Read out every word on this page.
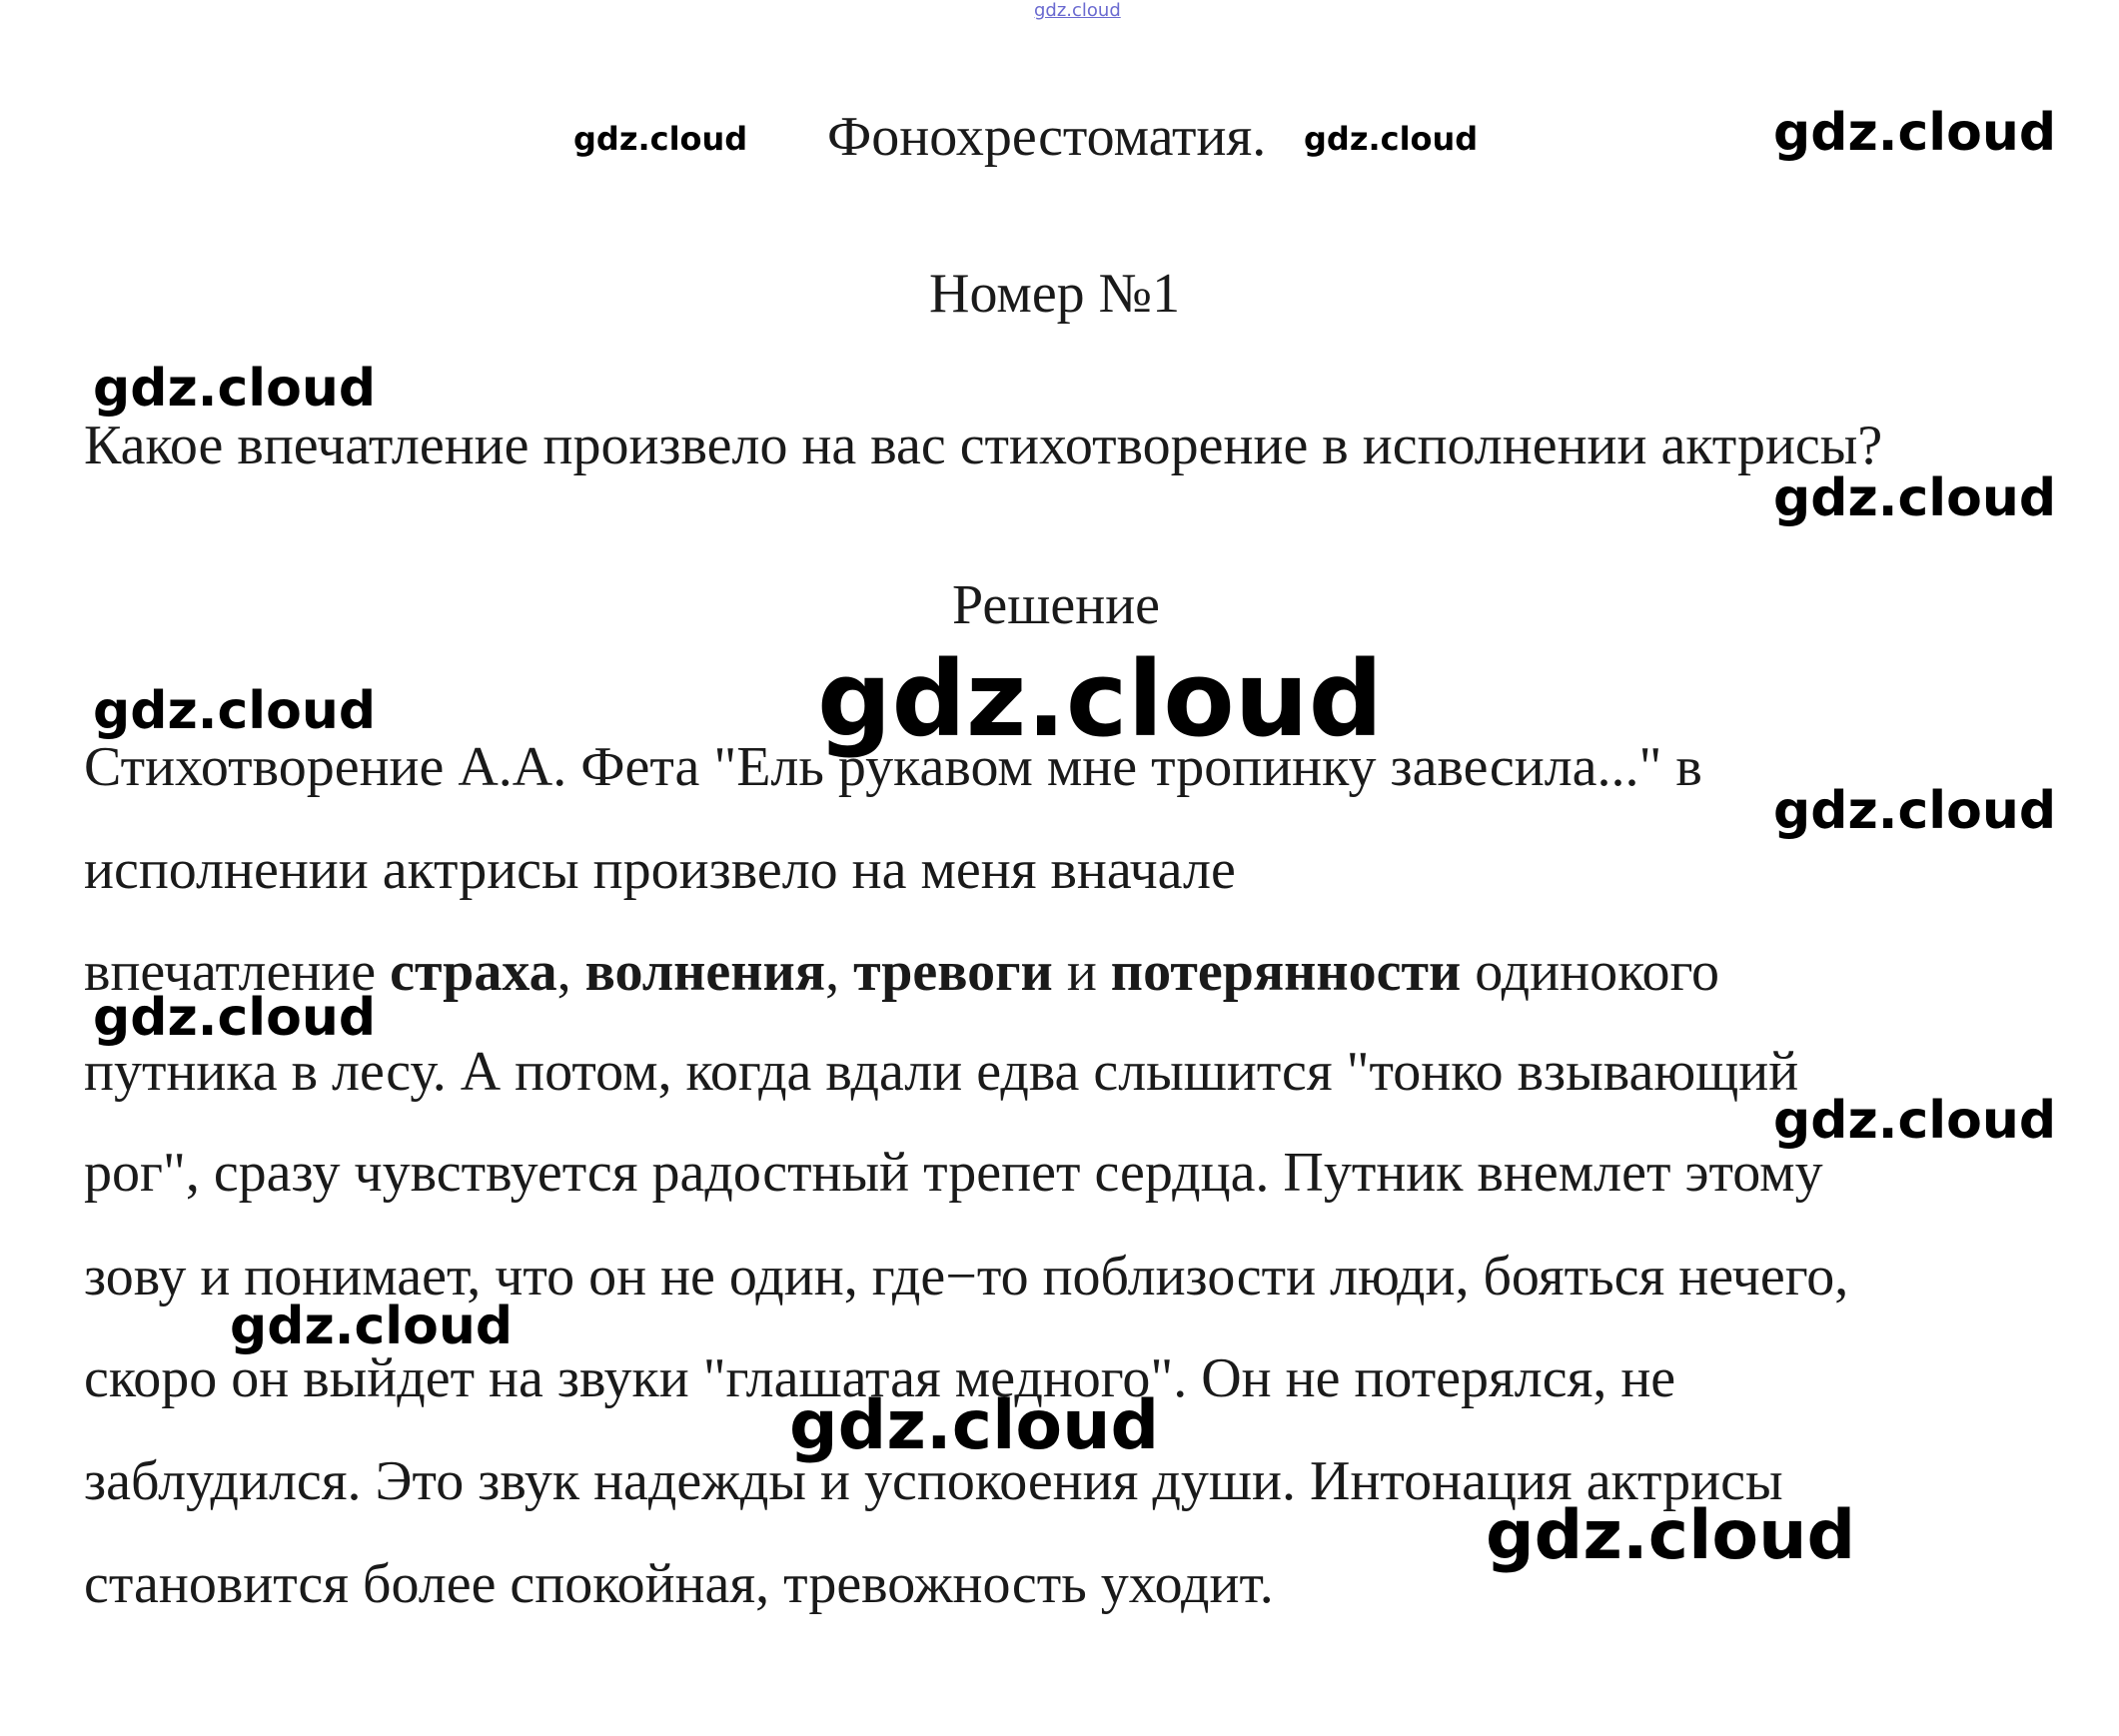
gdz.cloud
gdz.cloud	gdz.cloud	gdz.cloud
gdz.cloud
gdz.cloud
gdz.cloud	gdz.cloud
gdz.cloud
gdz.cloud
gdz.cloud
gdz.cloud
gdz.cloud
gdz.cloud
Фонохрестоматия.
Номер №1
Какое впечатление произвело на вас стихотворение в исполнении актрисы?
Решение
Стихотворение А.А. Фета "Ель рукавом мне тропинку завесила..." в
исполнении актрисы произвело на меня вначале
впечатление страха, волнения, тревоги и потерянности одинокого
путника в лесу. А потом, когда вдали едва слышится "тонко взывающий
рог", сразу чувствуется радостный трепет сердца. Путник внемлет этому
зову и понимает, что он не один, где−то поблизости люди, бояться нечего,
скоро он выйдет на звуки "глашатая медного". Он не потерялся, не
заблудился. Это звук надежды и успокоения души. Интонация актрисы
становится более спокойная, тревожность уходит.
